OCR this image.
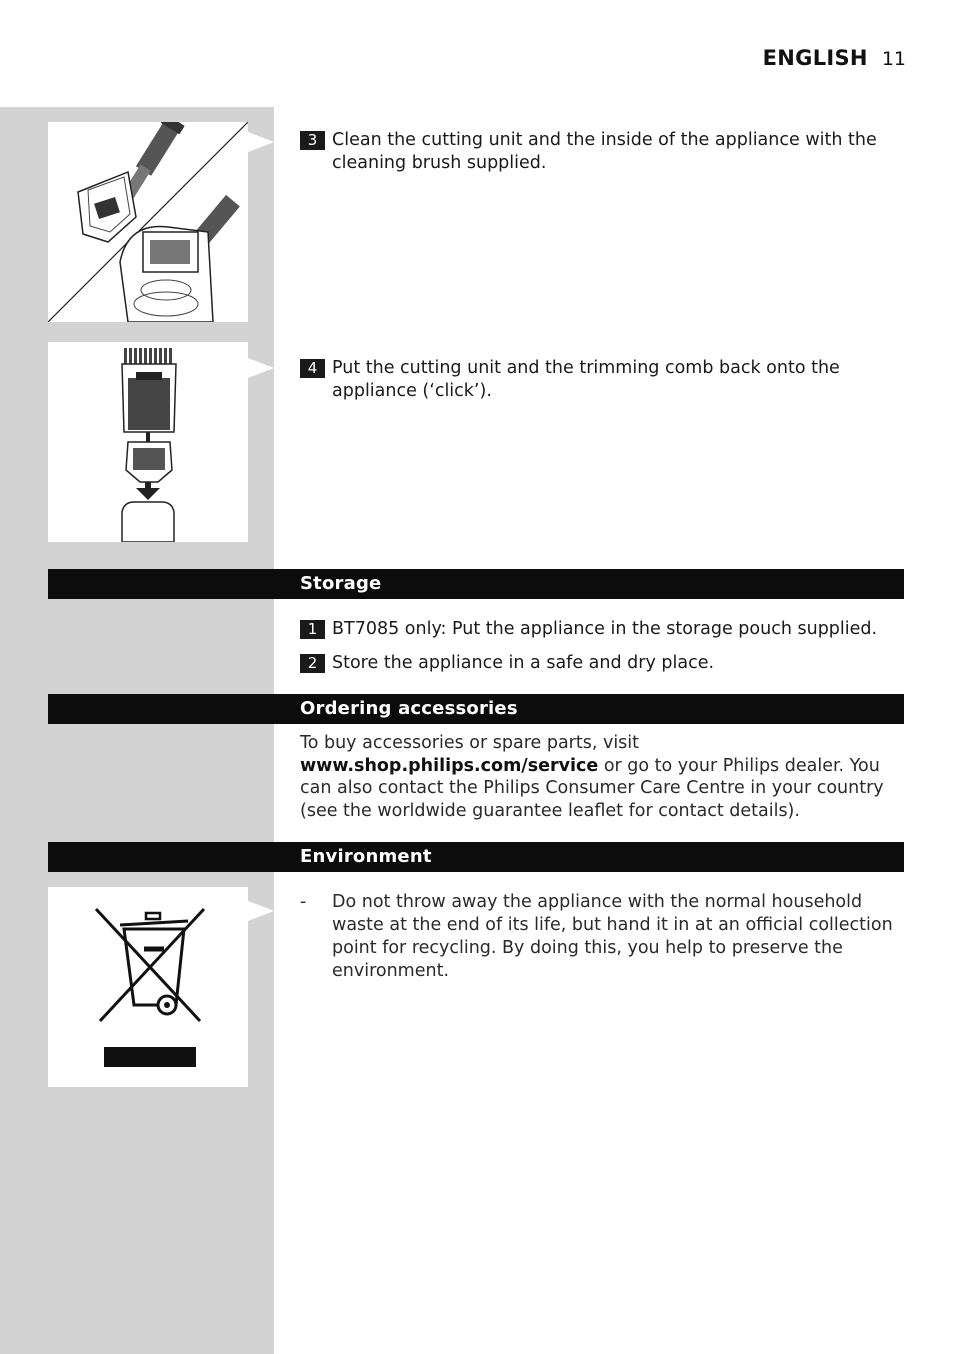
ENGLISH 11
3 Clean the cutting unit and the inside of the appliance with the cleaning brush supplied.
4 Put the cutting unit and the trimming comb back onto the appliance (‘click’).
Storage
1 BT7085 only: Put the appliance in the storage pouch supplied.
2 Store the appliance in a safe and dry place.
Ordering accessories
To buy accessories or spare parts, visit www.shop.philips.com/service or go to your Philips dealer. You can also contact the Philips Consumer Care Centre in your country (see the worldwide guarantee leaflet for contact details).
Environment
-	Do not throw away the appliance with the normal household waste at the end of its life, but hand it in at an official collection point for recycling. By doing this, you help to preserve the environment.
